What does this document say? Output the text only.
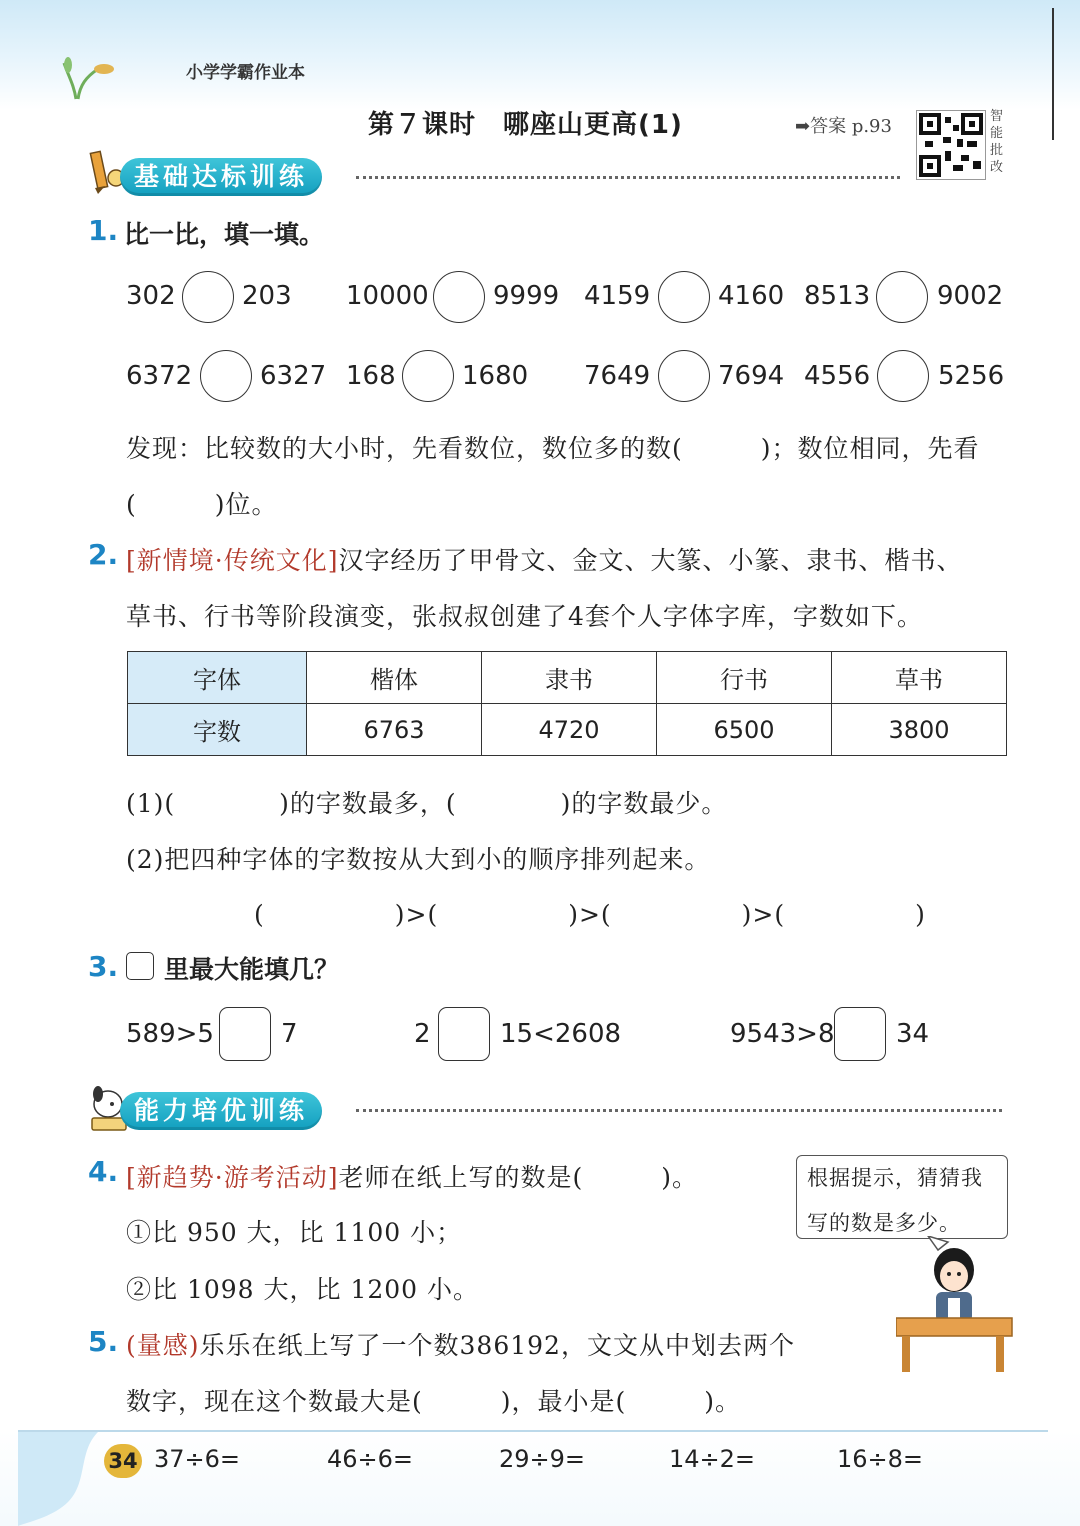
小学学霸作业本
第７课时　哪座山更高(1)	➡答案 p.93	智
能
批
改
基础达标训练
1. 比一比，填一填。
302	203 10000 9999 4159	4160 8513	9002
6372	6327 168	1680 7649	7694 4556	5256
发现：比较数的大小时，先看数位，数位多的数(　　　)；数位相同，先看
(　　　)位。
2. [新情境·传统文化]汉字经历了甲骨文、金文、大篆、小篆、隶书、楷书、
草书、行书等阶段演变，张叔叔创建了4套个人字体字库，字数如下。
字体	楷体	隶书	行书	草书
字数	6763	4720	6500	3800
(1)(　　　　)的字数最多，(　　　　)的字数最少。
(2)把四种字体的字数按从大到小的顺序排列起来。
(　　　　　)>(　　　　　)>(　　　　　)>(　　　　　)
3. 里最大能填几？
589>5	7	2	15<2608	9543>8 34
能力培优训练
4. [新趋势·游考活动]老师在纸上写的数是(　　　)。
①比 950 大，比 1100 小；
②比 1098 大，比 1200 小。
根据提示，猜猜我
写的数是多少。
5. (量感)乐乐在纸上写了一个数386192，文文从中划去两个
数字，现在这个数最大是(　　　)，最小是(　　　)。
34 37÷6=	46÷6=	29÷9=	14÷2=	16÷8=
